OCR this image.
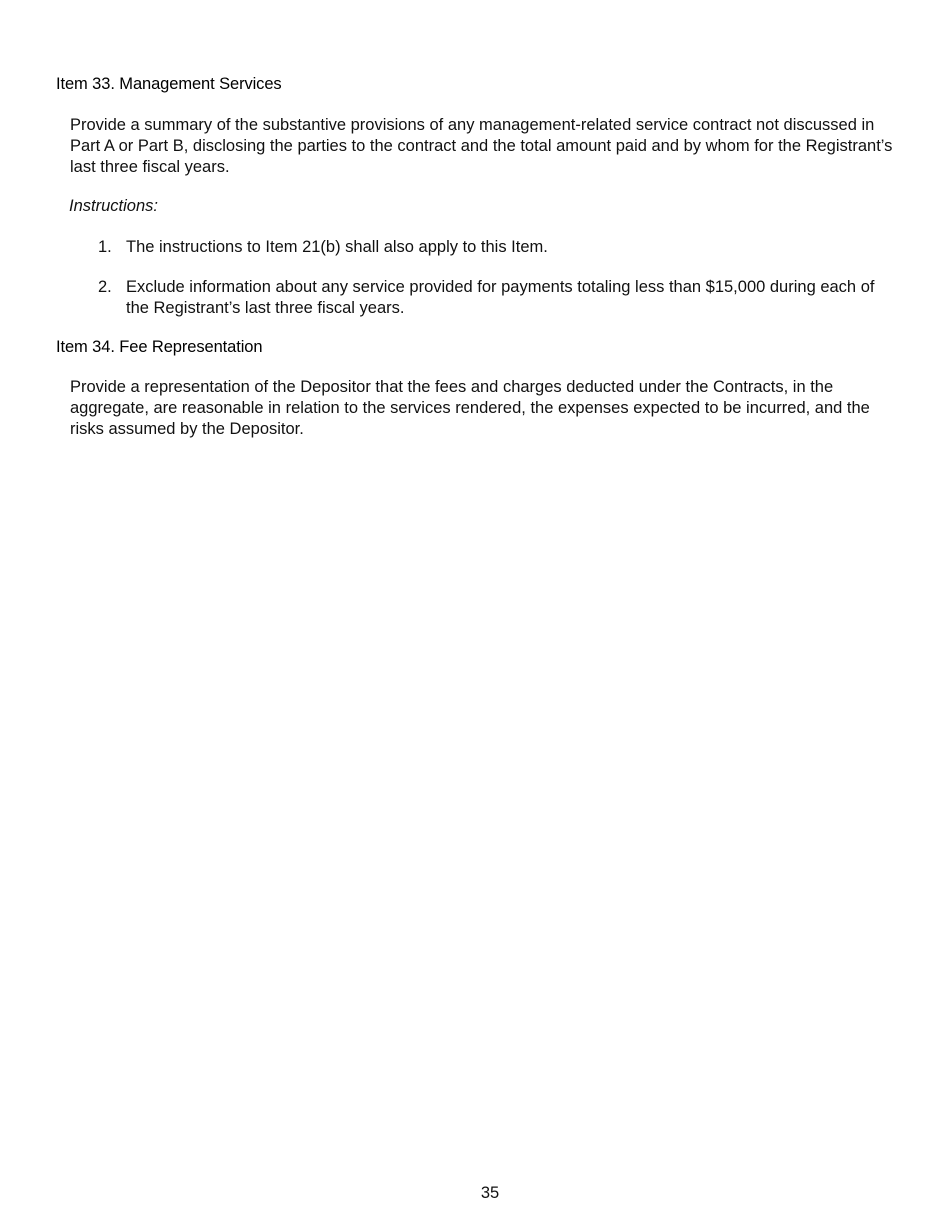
Item 33. Management Services

Provide a summary of the substantive provisions of any management-related service contract not discussed in Part A or Part B, disclosing the parties to the contract and the total amount paid and by whom for the Registrant’s last three fiscal years.

Instructions:

1. The instructions to Item 21(b) shall also apply to this Item.
2. Exclude information about any service provided for payments totaling less than $15,000 during each of the Registrant’s last three fiscal years.
Item 34. Fee Representation

Provide a representation of the Depositor that the fees and charges deducted under the Contracts, in the aggregate, are reasonable in relation to the services rendered, the expenses expected to be incurred, and the risks assumed by the Depositor.

35
